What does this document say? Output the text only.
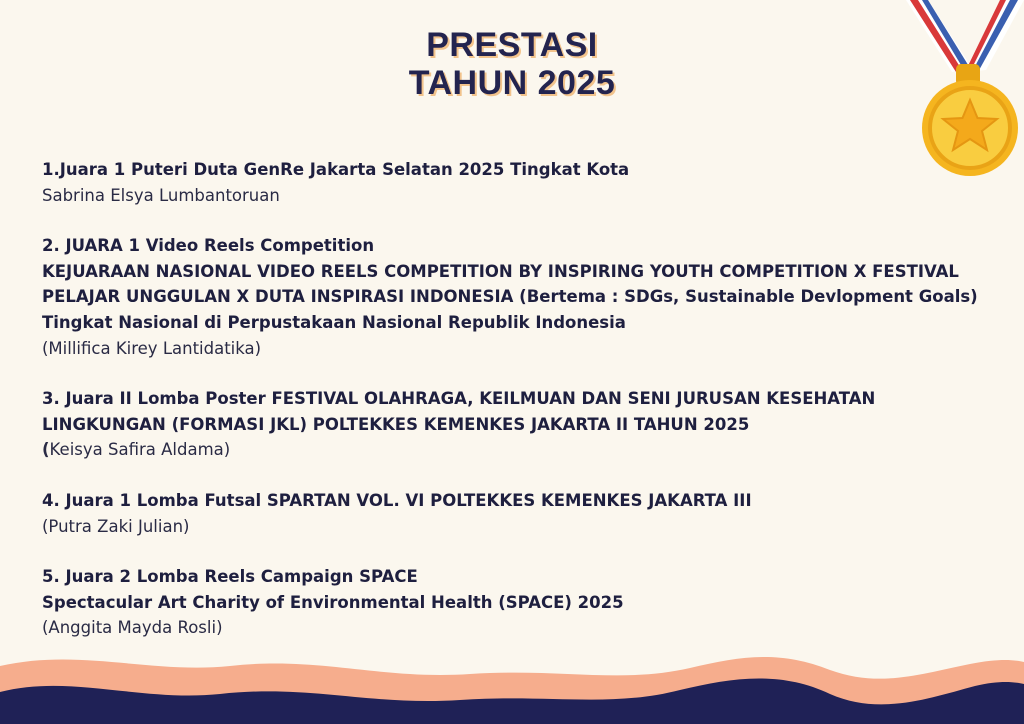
PRESTASI
TAHUN 2025
1.Juara 1 Puteri Duta GenRe Jakarta Selatan 2025 Tingkat Kota
Sabrina Elsya Lumbantoruan
2. JUARA 1 Video Reels Competition
KEJUARAAN NASIONAL VIDEO REELS COMPETITION BY INSPIRING YOUTH COMPETITION X FESTIVAL
PELAJAR UNGGULAN X DUTA INSPIRASI INDONESIA (Bertema : SDGs, Sustainable Devlopment Goals)
Tingkat Nasional di Perpustakaan Nasional Republik Indonesia
(Millifica Kirey Lantidatika)
3. Juara II Lomba Poster FESTIVAL OLAHRAGA, KEILMUAN DAN SENI JURUSAN KESEHATAN
LINGKUNGAN (FORMASI JKL) POLTEKKES KEMENKES JAKARTA II TAHUN 2025
(Keisya Safira Aldama)
4. Juara 1 Lomba Futsal SPARTAN VOL. VI POLTEKKES KEMENKES JAKARTA III
(Putra Zaki Julian)
5. Juara 2 Lomba Reels Campaign SPACE
Spectacular Art Charity of Environmental Health (SPACE) 2025
(Anggita Mayda Rosli)
